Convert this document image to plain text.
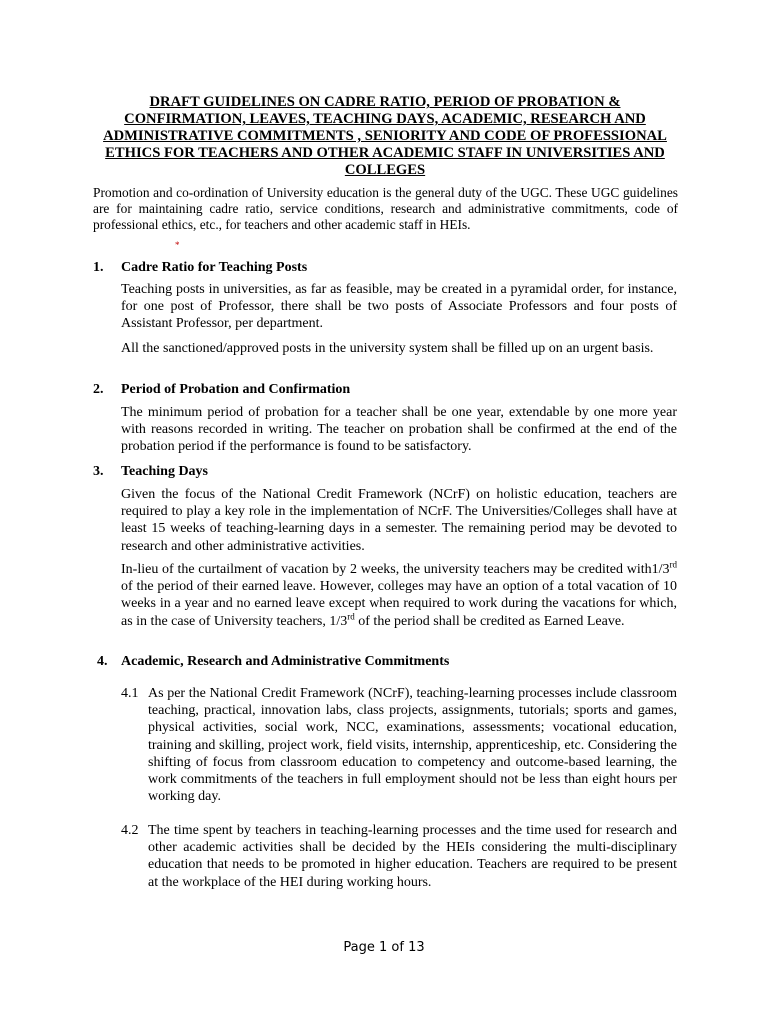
DRAFT GUIDELINES ON CADRE RATIO, PERIOD OF PROBATION & CONFIRMATION, LEAVES, TEACHING DAYS, ACADEMIC, RESEARCH AND ADMINISTRATIVE COMMITMENTS , SENIORITY AND CODE OF PROFESSIONAL ETHICS FOR TEACHERS AND OTHER ACADEMIC STAFF IN UNIVERSITIES AND COLLEGES
Promotion and co-ordination of University education is the general duty of the UGC. These UGC guidelines are for maintaining cadre ratio, service conditions, research and administrative commitments, code of professional ethics, etc., for teachers and other academic staff in HEIs.
*
1. Cadre Ratio for Teaching Posts
Teaching posts in universities, as far as feasible, may be created in a pyramidal order, for instance, for one post of Professor, there shall be two posts of Associate Professors and four posts of Assistant Professor, per department.
All the sanctioned/approved posts in the university system shall be filled up on an urgent basis.
2. Period of Probation and Confirmation
The minimum period of probation for a teacher shall be one year, extendable by one more year with reasons recorded in writing. The teacher on probation shall be confirmed at the end of the probation period if the performance is found to be satisfactory.
3. Teaching Days
Given the focus of the National Credit Framework (NCrF) on holistic education, teachers are required to play a key role in the implementation of NCrF. The Universities/Colleges shall have at least 15 weeks of teaching-learning days in a semester. The remaining period may be devoted to research and other administrative activities.
In-lieu of the curtailment of vacation by 2 weeks, the university teachers may be credited with1/3rd of the period of their earned leave. However, colleges may have an option of a total vacation of 10 weeks in a year and no earned leave except when required to work during the vacations for which, as in the case of University teachers, 1/3rd of the period shall be credited as Earned Leave.
4. Academic, Research and Administrative Commitments
4.1 As per the National Credit Framework (NCrF), teaching-learning processes include classroom teaching, practical, innovation labs, class projects, assignments, tutorials; sports and games, physical activities, social work, NCC, examinations, assessments; vocational education, training and skilling, project work, field visits, internship, apprenticeship, etc. Considering the shifting of focus from classroom education to competency and outcome-based learning, the work commitments of the teachers in full employment should not be less than eight hours per working day.
4.2 The time spent by teachers in teaching-learning processes and the time used for research and other academic activities shall be decided by the HEIs considering the multi-disciplinary education that needs to be promoted in higher education. Teachers are required to be present at the workplace of the HEI during working hours.
Page 1 of 13
